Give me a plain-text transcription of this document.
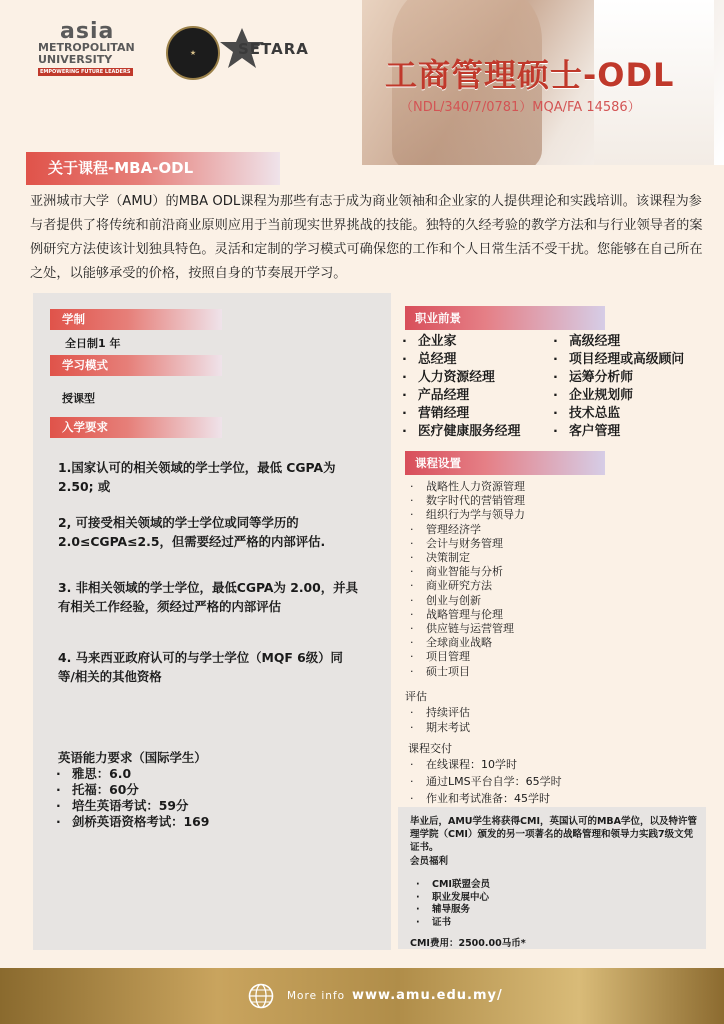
asia
METROPOLITAN
UNIVERSITY
EMPOWERING FUTURE LEADERS
★	SETARA
工商管理硕士-ODL
（NDL/340/7/0781）MQA/FA 14586）
关于课程-MBA-ODL
亚洲城市大学（AMU）的MBA ODL课程为那些有志于成为商业领袖和企业家的人提供理论和实践培训。该课程为参与者提供了将传统和前沿商业原则应用于当前现实世界挑战的技能。独特的久经考验的教学方法和与行业领导者的案例研究方法使该计划独具特色。灵活和定制的学习模式可确保您的工作和个人日常生活不受干扰。您能够在自己所在之处，以能够承受的价格，按照自身的节奏展开学习。
学制
全日制1 年
学习模式
授课型
入学要求
1.国家认可的相关领域的学士学位，最低 CGPA为2.50; 或
2, 可接受相关领域的学士学位或同等学历的 2.0≤CGPA≤2.5，但需要经过严格的内部评估.
3. 非相关领域的学士学位，最低CGPA为 2.00，并具有相关工作经验，须经过严格的内部评估
4. 马来西亚政府认可的与学士学位（MQF 6级）同等/相关的其他资格
英语能力要求（国际学生）
· 雅思：6.0
· 托福：60分
· 培生英语考试：59分
· 剑桥英语资格考试：169
职业前景
· 企业家
· 总经理
· 人力资源经理
· 产品经理
· 营销经理
· 医疗健康服务经理
· 高级经理
· 项目经理或高级顾问
· 运筹分析师
· 企业规划师
· 技术总监
· 客户管理
课程设置
· 战略性人力资源管理
· 数字时代的营销管理
· 组织行为学与领导力
· 管理经济学
· 会计与财务管理
· 决策制定
· 商业智能与分析
· 商业研究方法
· 创业与创新
· 战略管理与伦理
· 供应链与运营管理
· 全球商业战略
· 项目管理
· 硕士项目
评估
· 持续评估
· 期末考试
课程交付
· 在线课程：10学时
· 通过LMS平台自学：65学时
· 作业和考试准备：45学时
毕业后，AMU学生将获得CMI，英国认可的MBA学位，以及特许管理学院（CMI）颁发的另一项著名的战略管理和领导力实践7级文凭证书。
会员福利
· CMI联盟会员
· 职业发展中心
· 辅导服务
· 证书
CMI费用：2500.00马币*
More info www.amu.edu.my/
